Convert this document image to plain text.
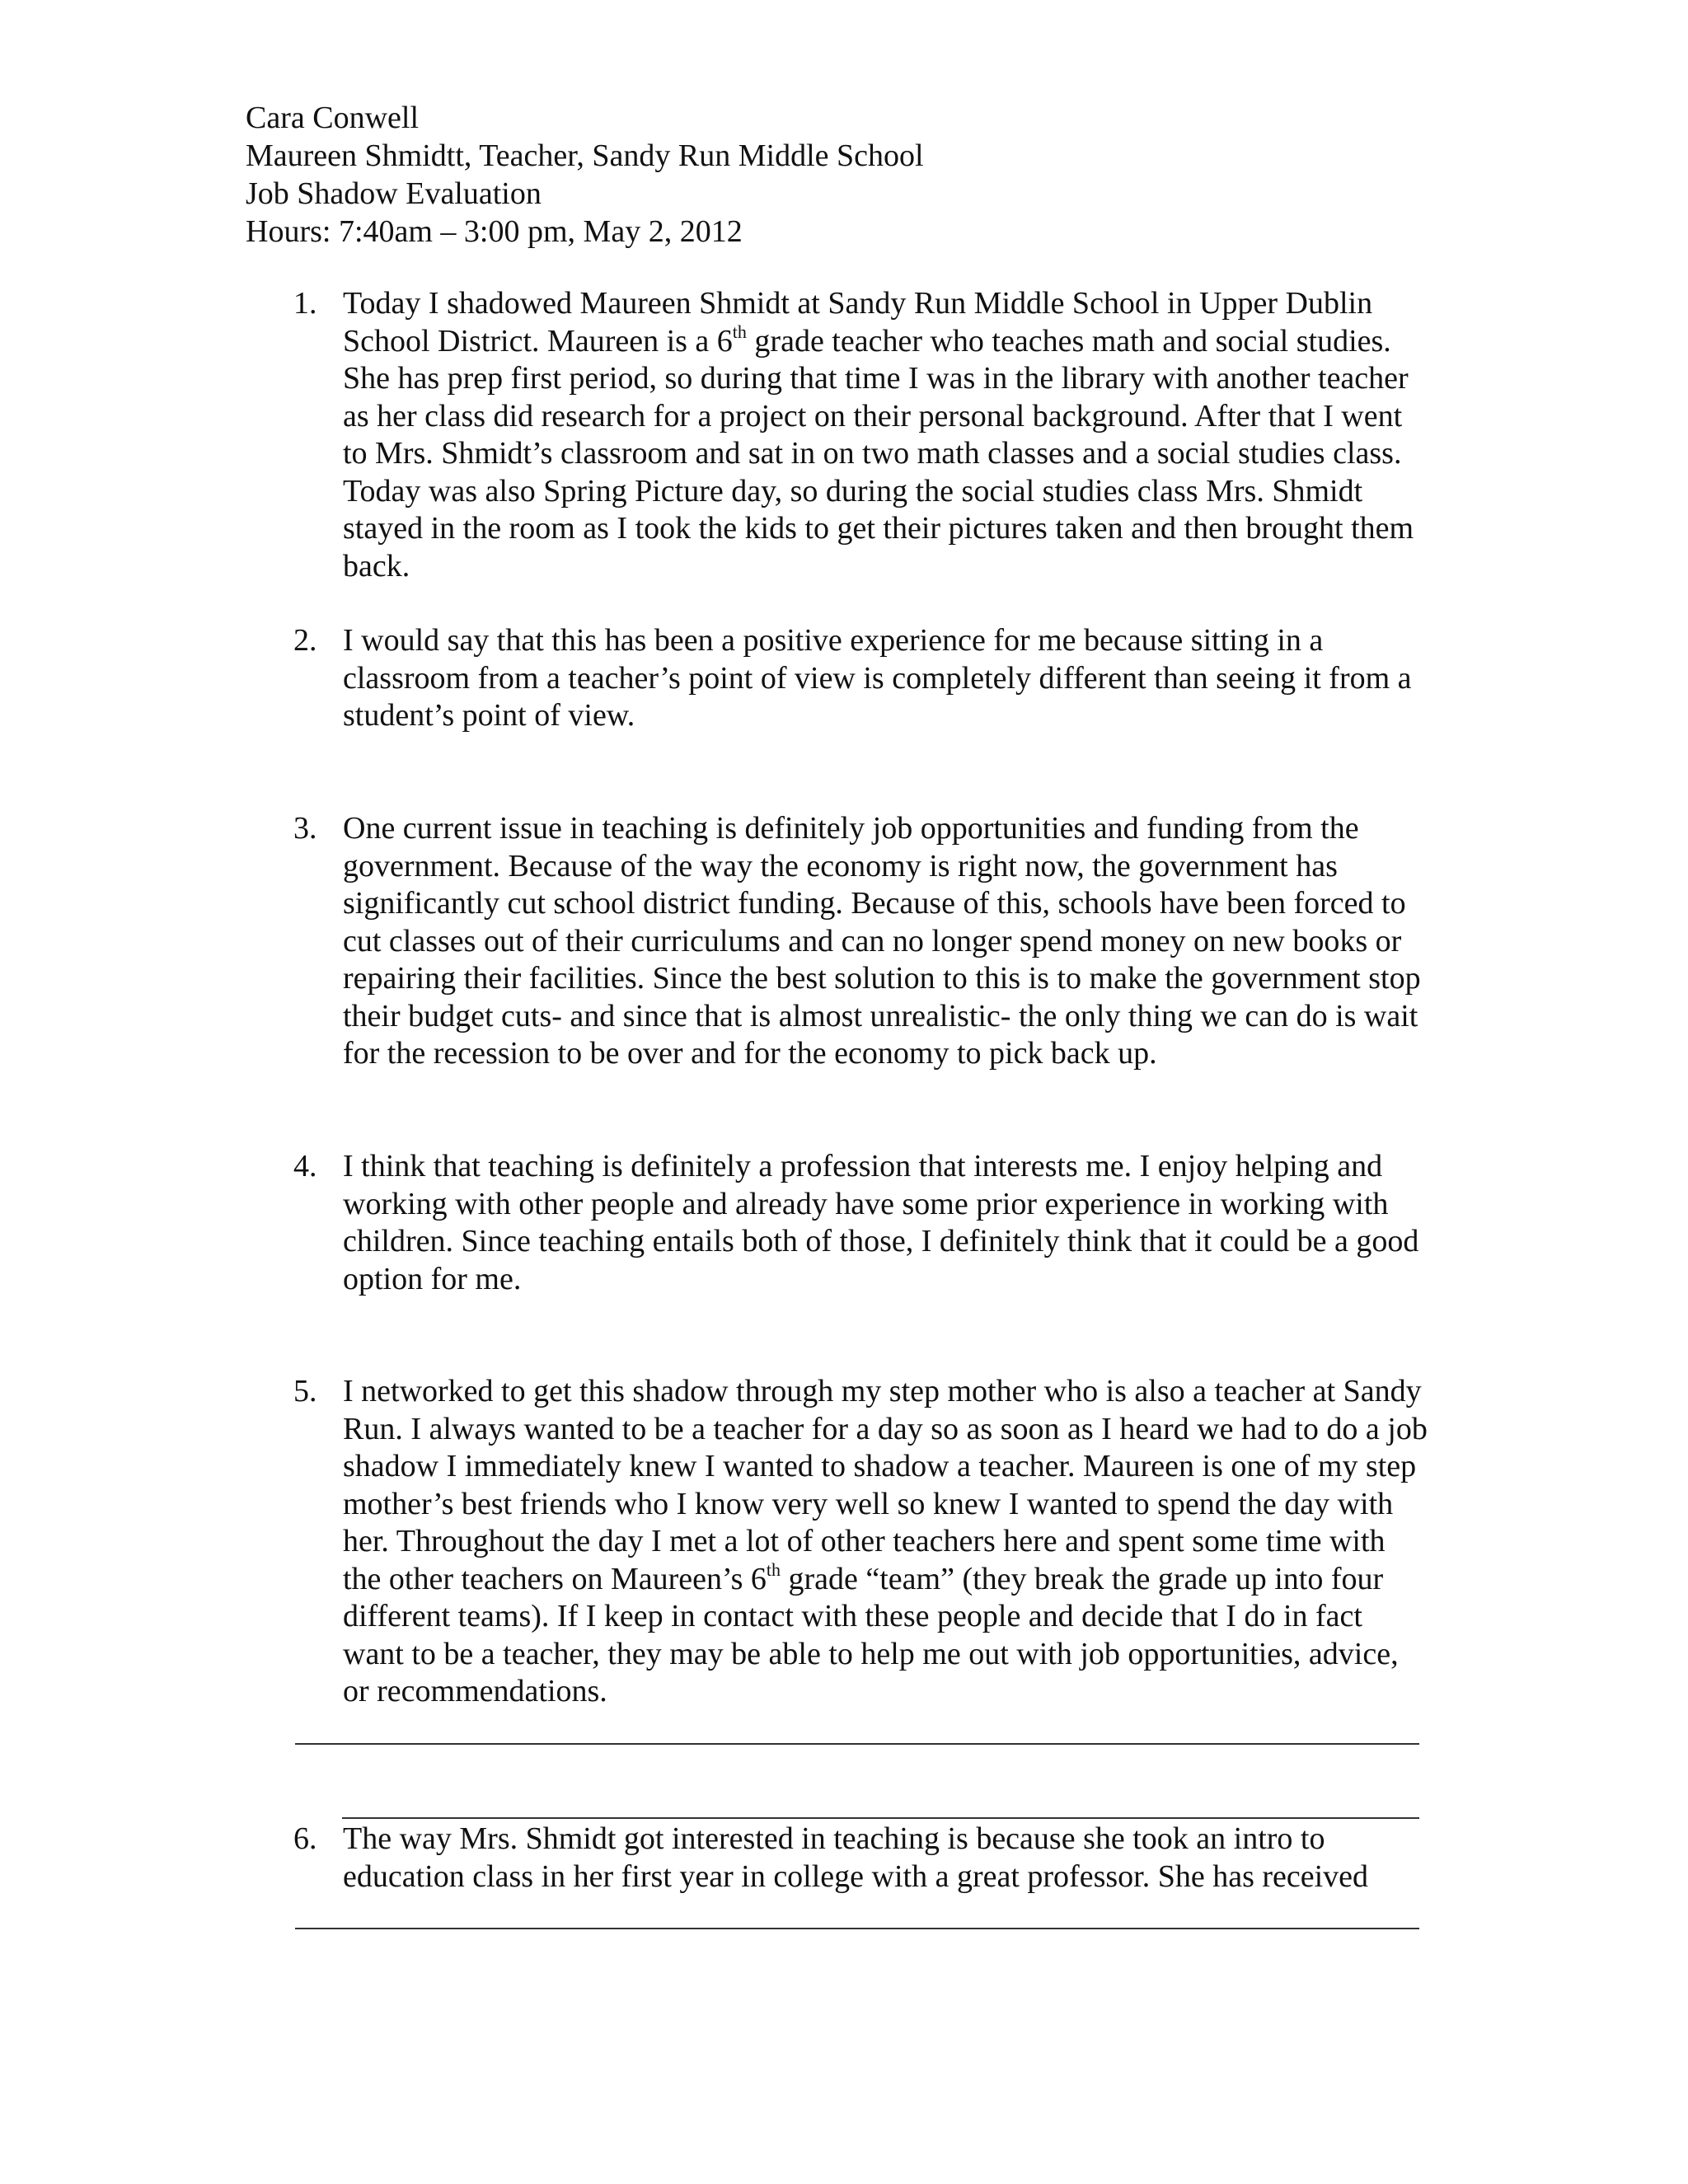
Cara Conwell
Maureen Shmidtt, Teacher, Sandy Run Middle School
Job Shadow Evaluation
Hours: 7:40am – 3:00 pm, May 2, 2012
1. Today I shadowed Maureen Shmidt at Sandy Run Middle School in Upper Dublin School District. Maureen is a 6th grade teacher who teaches math and social studies. She has prep first period, so during that time I was in the library with another teacher as her class did research for a project on their personal background. After that I went to Mrs. Shmidt’s classroom and sat in on two math classes and a social studies class. Today was also Spring Picture day, so during the social studies class Mrs. Shmidt stayed in the room as I took the kids to get their pictures taken and then brought them back.
2. I would say that this has been a positive experience for me because sitting in a classroom from a teacher’s point of view is completely different than seeing it from a student’s point of view.
3. One current issue in teaching is definitely job opportunities and funding from the government. Because of the way the economy is right now, the government has significantly cut school district funding. Because of this, schools have been forced to cut classes out of their curriculums and can no longer spend money on new books or repairing their facilities. Since the best solution to this is to make the government stop their budget cuts- and since that is almost unrealistic- the only thing we can do is wait for the recession to be over and for the economy to pick back up.
4. I think that teaching is definitely a profession that interests me. I enjoy helping and working with other people and already have some prior experience in working with children. Since teaching entails both of those, I definitely think that it could be a good option for me.
5. I networked to get this shadow through my step mother who is also a teacher at Sandy Run. I always wanted to be a teacher for a day so as soon as I heard we had to do a job shadow I immediately knew I wanted to shadow a teacher. Maureen is one of my step mother’s best friends who I know very well so knew I wanted to spend the day with her. Throughout the day I met a lot of other teachers here and spent some time with the other teachers on Maureen’s 6th grade “team” (they break the grade up into four different teams). If I keep in contact with these people and decide that I do in fact want to be a teacher, they may be able to help me out with job opportunities, advice, or recommendations.
6. The way Mrs. Shmidt got interested in teaching is because she took an intro to education class in her first year in college with a great professor. She has received
